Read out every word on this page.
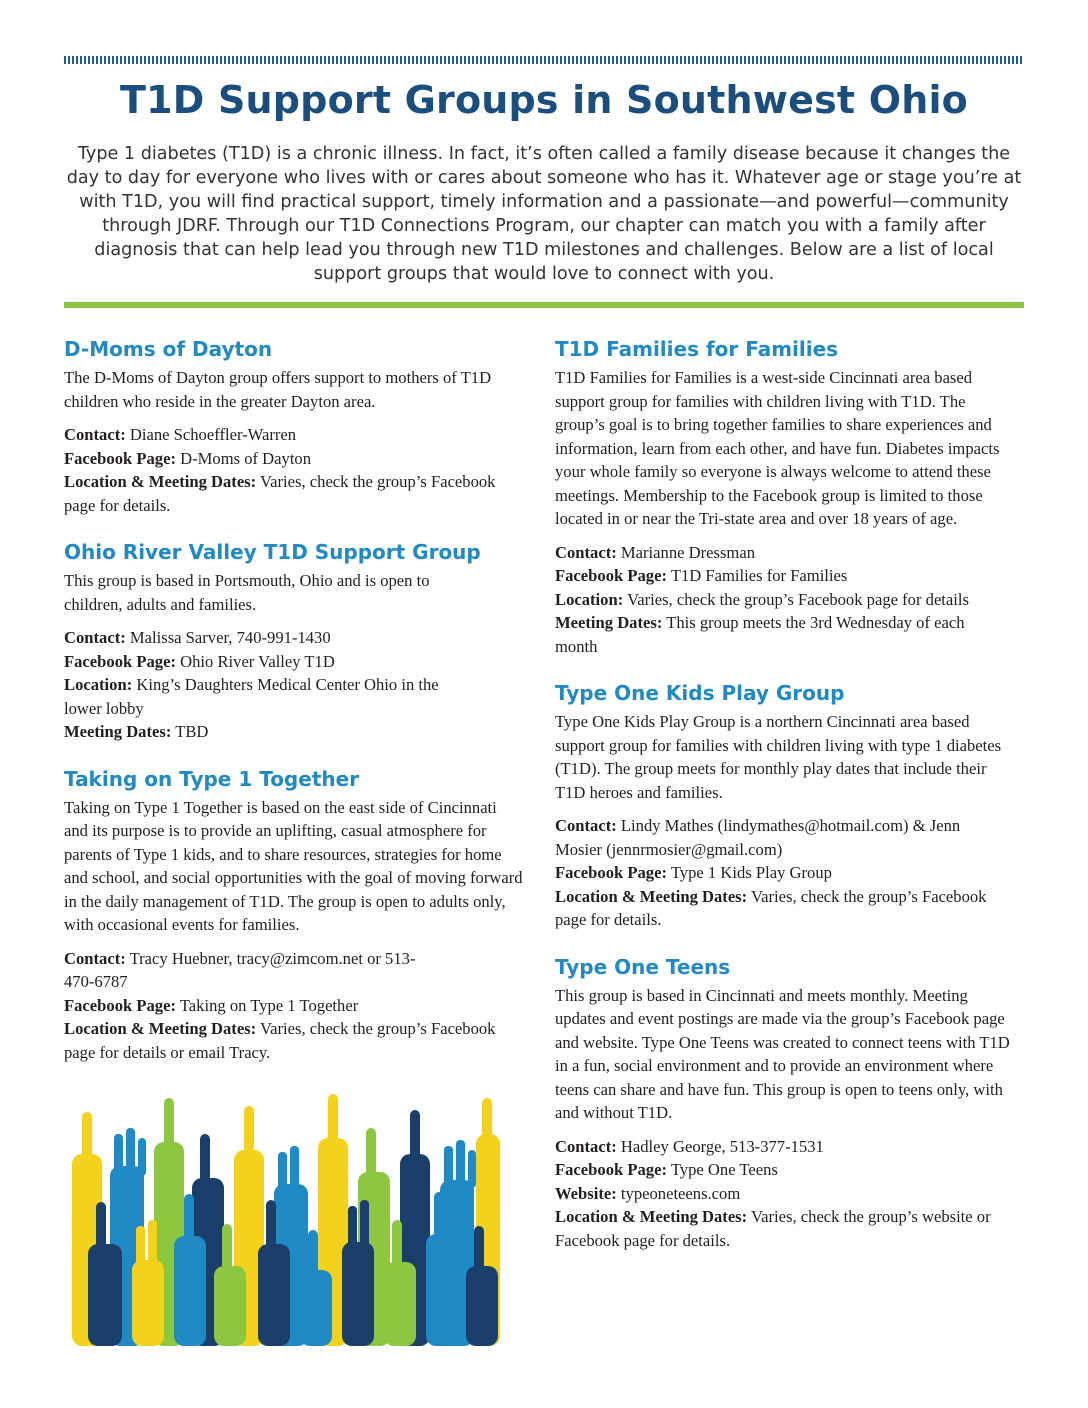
T1D Support Groups in Southwest Ohio

Type 1 diabetes (T1D) is a chronic illness. In fact, it’s often called a family disease because it changes the day to day for everyone who lives with or cares about someone who has it. Whatever age or stage you’re at with T1D, you will find practical support, timely information and a passionate—and powerful—community through JDRF. Through our T1D Connections Program, our chapter can match you with a family after diagnosis that can help lead you through new T1D milestones and challenges. Below are a list of local support groups that would love to connect with you.

D-Moms of Dayton

The D-Moms of Dayton group offers support to mothers of T1D children who reside in the greater Dayton area.

Contact: Diane Schoeffler-Warren
Facebook Page: D-Moms of Dayton
Location & Meeting Dates: Varies, check the group’s Facebook page for details.

Ohio River Valley T1D Support Group

This group is based in Portsmouth, Ohio and is open to children, adults and families.

Contact: Malissa Sarver, 740-991-1430
Facebook Page: Ohio River Valley T1D
Location: King’s Daughters Medical Center Ohio in the lower lobby
Meeting Dates: TBD

Taking on Type 1 Together

Taking on Type 1 Together is based on the east side of Cincinnati and its purpose is to provide an uplifting, casual atmosphere for parents of Type 1 kids, and to share resources, strategies for home and school, and social opportunities with the goal of moving forward in the daily management of T1D. The group is open to adults only, with occasional events for families.

Contact: Tracy Huebner, tracy@zimcom.net or 513-470-6787
Facebook Page: Taking on Type 1 Together
Location & Meeting Dates: Varies, check the group’s Facebook page for details or email Tracy.

T1D Families for Families

T1D Families for Families is a west-side Cincinnati area based support group for families with children living with T1D. The group’s goal is to bring together families to share experiences and information, learn from each other, and have fun. Diabetes impacts your whole family so everyone is always welcome to attend these meetings. Membership to the Facebook group is limited to those located in or near the Tri-state area and over 18 years of age.

Contact: Marianne Dressman
Facebook Page: T1D Families for Families
Location: Varies, check the group’s Facebook page for details
Meeting Dates: This group meets the 3rd Wednesday of each month

Type One Kids Play Group

Type One Kids Play Group is a northern Cincinnati area based support group for families with children living with type 1 diabetes (T1D). The group meets for monthly play dates that include their T1D heroes and families.

Contact: Lindy Mathes (lindymathes@hotmail.com) & Jenn Mosier (jennrmosier@gmail.com)
Facebook Page: Type 1 Kids Play Group
Location & Meeting Dates: Varies, check the group’s Facebook page for details.

Type One Teens

This group is based in Cincinnati and meets monthly. Meeting updates and event postings are made via the group’s Facebook page and website. Type One Teens was created to connect teens with T1D in a fun, social environment and to provide an environment where teens can share and have fun. This group is open to teens only, with and without T1D.

Contact: Hadley George, 513-377-1531
Facebook Page: Type One Teens
Website: typeoneteens.com
Location & Meeting Dates: Varies, check the group’s website or Facebook page for details.
